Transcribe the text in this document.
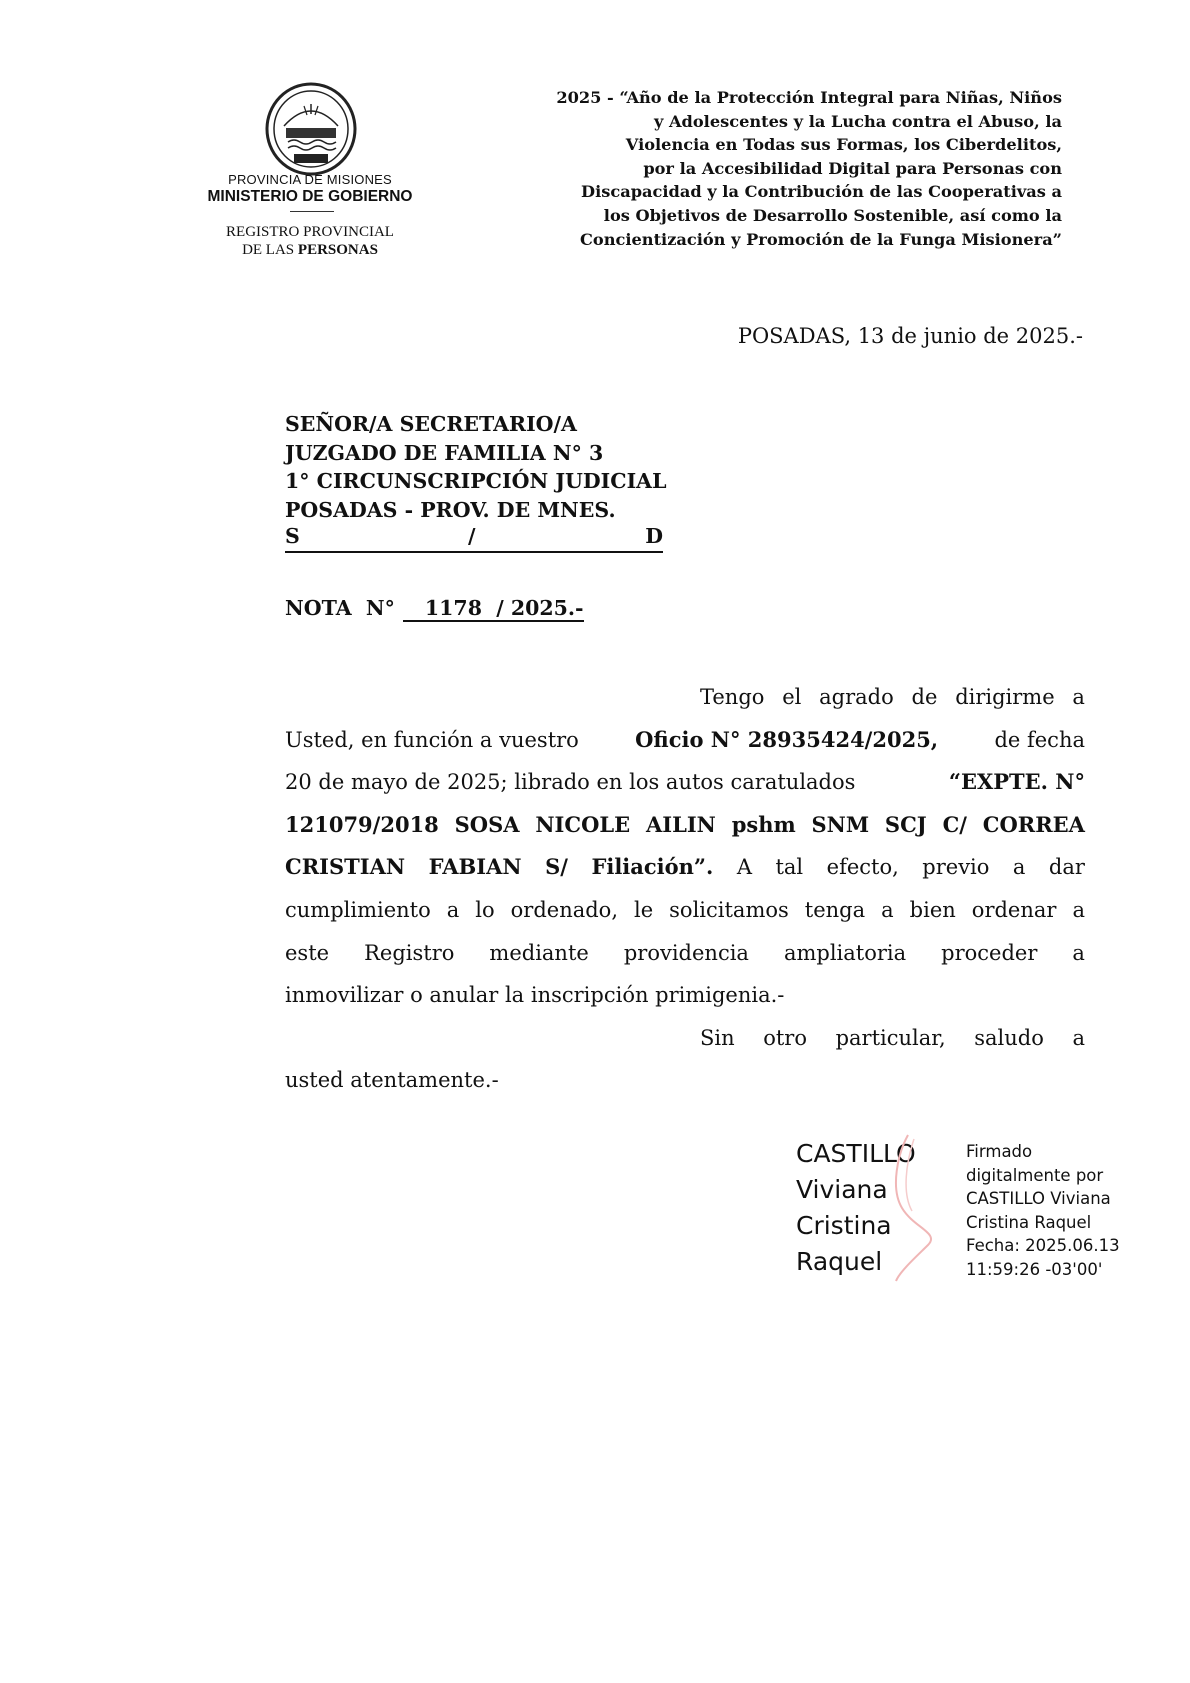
PROVINCIA DE MISIONES
MINISTERIO DE GOBIERNO
REGISTRO PROVINCIAL
DE LAS PERSONAS
2025 - “Año de la Protección Integral para Niñas, Niños
y Adolescentes y la Lucha contra el Abuso, la
Violencia en Todas sus Formas, los Ciberdelitos,
por la Accesibilidad Digital para Personas con
Discapacidad y la Contribución de las Cooperativas a
los Objetivos de Desarrollo Sostenible, así como la
Concientización y Promoción de la Funga Misionera”
POSADAS, 13 de junio de 2025.-
SEÑOR/A SECRETARIO/A
JUZGADO DE FAMILIA N° 3
1° CIRCUNSCRIPCIÓN JUDICIAL
POSADAS - PROV. DE MNES.
S	/	D
NOTA  N° 1178  / 2025.-
Tengo el agrado de dirigirme a
Usted, en función a vuestro Oficio N° 28935424/2025, de fecha
20 de mayo de 2025; librado en los autos caratulados	“EXPTE. N°
121079/2018 SOSA NICOLE AILIN pshm SNM SCJ C/ CORREA
CRISTIAN FABIAN S/ Filiación”. A tal efecto, previo a dar
cumplimiento a lo ordenado, le solicitamos tenga a bien ordenar a
este Registro mediante providencia ampliatoria proceder a
inmovilizar o anular la inscripción primigenia.-
Sin otro particular, saludo a
usted atentamente.-
CASTILLO
Viviana
Cristina
Raquel
Firmado
digitalmente por
CASTILLO Viviana
Cristina Raquel
Fecha: 2025.06.13
11:59:26 -03'00'
